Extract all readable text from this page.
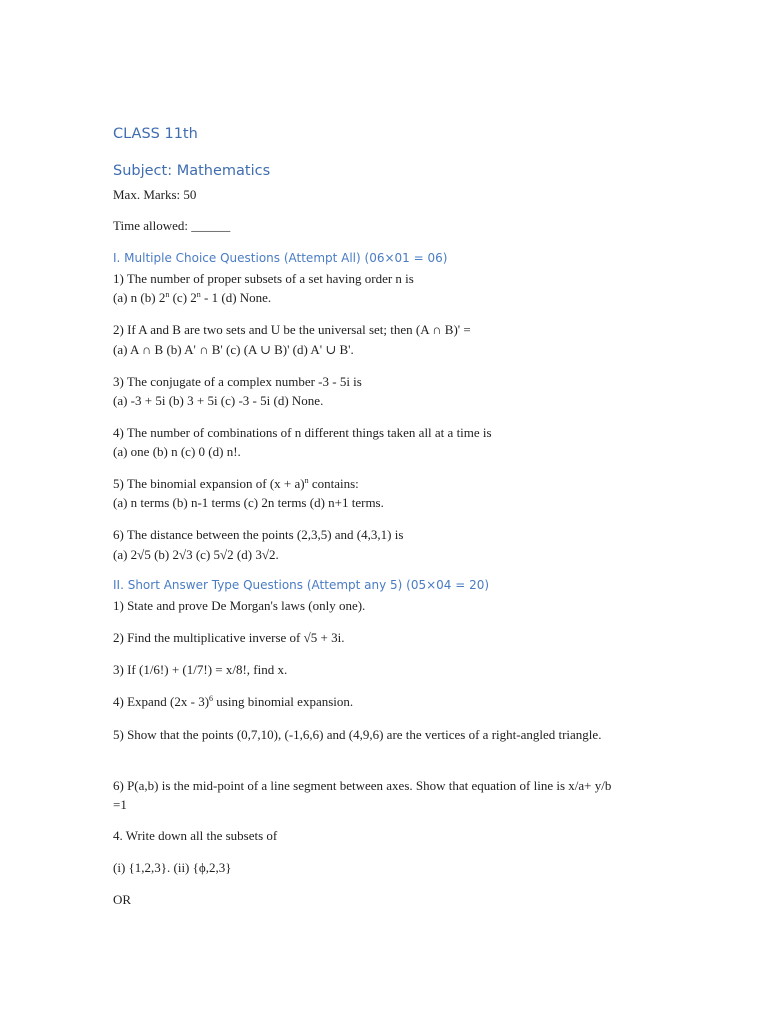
CLASS 11th
Subject: Mathematics
Max. Marks: 50
Time allowed: ______
I. Multiple Choice Questions (Attempt All) (06×01 = 06)
1) The number of proper subsets of a set having order n is
(a) n (b) 2$^n$ (c) 2$^n$ - 1 (d) None.
2) If A and B are two sets and U be the universal set; then (A ∩ B)' =
(a) A ∩ B (b) A' ∩ B' (c) (A ∪ B)' (d) A' ∪ B'.
3) The conjugate of a complex number -3 - 5i is
(a) -3 + 5i (b) 3 + 5i (c) -3 - 5i (d) None.
4) The number of combinations of n different things taken all at a time is
(a) one (b) n (c) 0 (d) n!.
5) The binomial expansion of $(x + a)^n$ contains:
(a) n terms (b) n-1 terms (c) 2n terms (d) n+1 terms.
6) The distance between the points (2,3,5) and (4,3,1) is
(a) 2√5 (b) 2√3 (c) 5√2 (d) 3√2.
II. Short Answer Type Questions (Attempt any 5) (05×04 = 20)
1) State and prove De Morgan's laws (only one).
2) Find the multiplicative inverse of √5 + 3i.
3) If (1/6!) + (1/7!) = x/8!, find x.
4) Expand (2x - 3)$^6$ using binomial expansion.
5) Show that the points (0,7,10), (-1,6,6) and (4,9,6) are the vertices of a right-angled triangle.
6) P(a,b) is the mid-point of a line segment between axes. Show that equation of line is x/a+ y/b =1
4. Write down all the subsets of
(i) {1,2,3}. (ii) {ϕ,2,3}
OR
